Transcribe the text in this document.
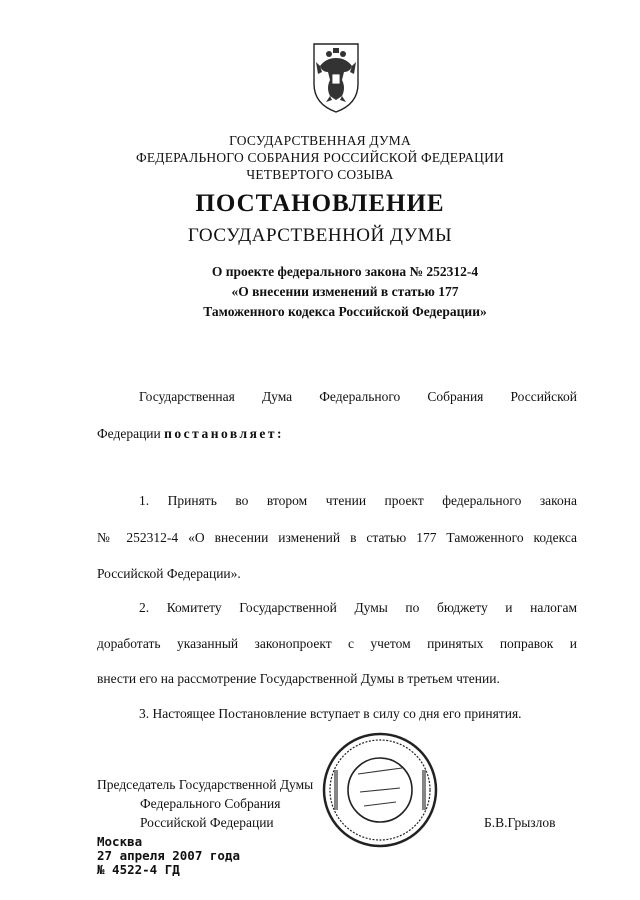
ГОСУДАРСТВЕННАЯ ДУМА
ФЕДЕРАЛЬНОГО СОБРАНИЯ РОССИЙСКОЙ ФЕДЕРАЦИИ
ЧЕТВЕРТОГО СОЗЫВА
ПОСТАНОВЛЕНИЕ
ГОСУДАРСТВЕННОЙ ДУМЫ
О проекте федерального закона № 252312-4
«О внесении изменений в статью 177
Таможенного кодекса Российской Федерации»
Государственная Дума Федерального Собрания Российской
Федерации постановляет:
1. Принять во втором чтении проект федерального закона
№ 252312-4 «О внесении изменений в статью 177 Таможенного кодекса
Российской Федерации».
2. Комитету Государственной Думы по бюджету и налогам
доработать указанный законопроект с учетом принятых поправок и
внести его на рассмотрение Государственной Думы в третьем чтении.
3. Настоящее Постановление вступает в силу со дня его принятия.
Председатель Государственной Думы
Федерального Собрания
Российской Федерации	Б.В.Грызлов
Москва
27 апреля 2007 года
№ 4522-4 ГД
